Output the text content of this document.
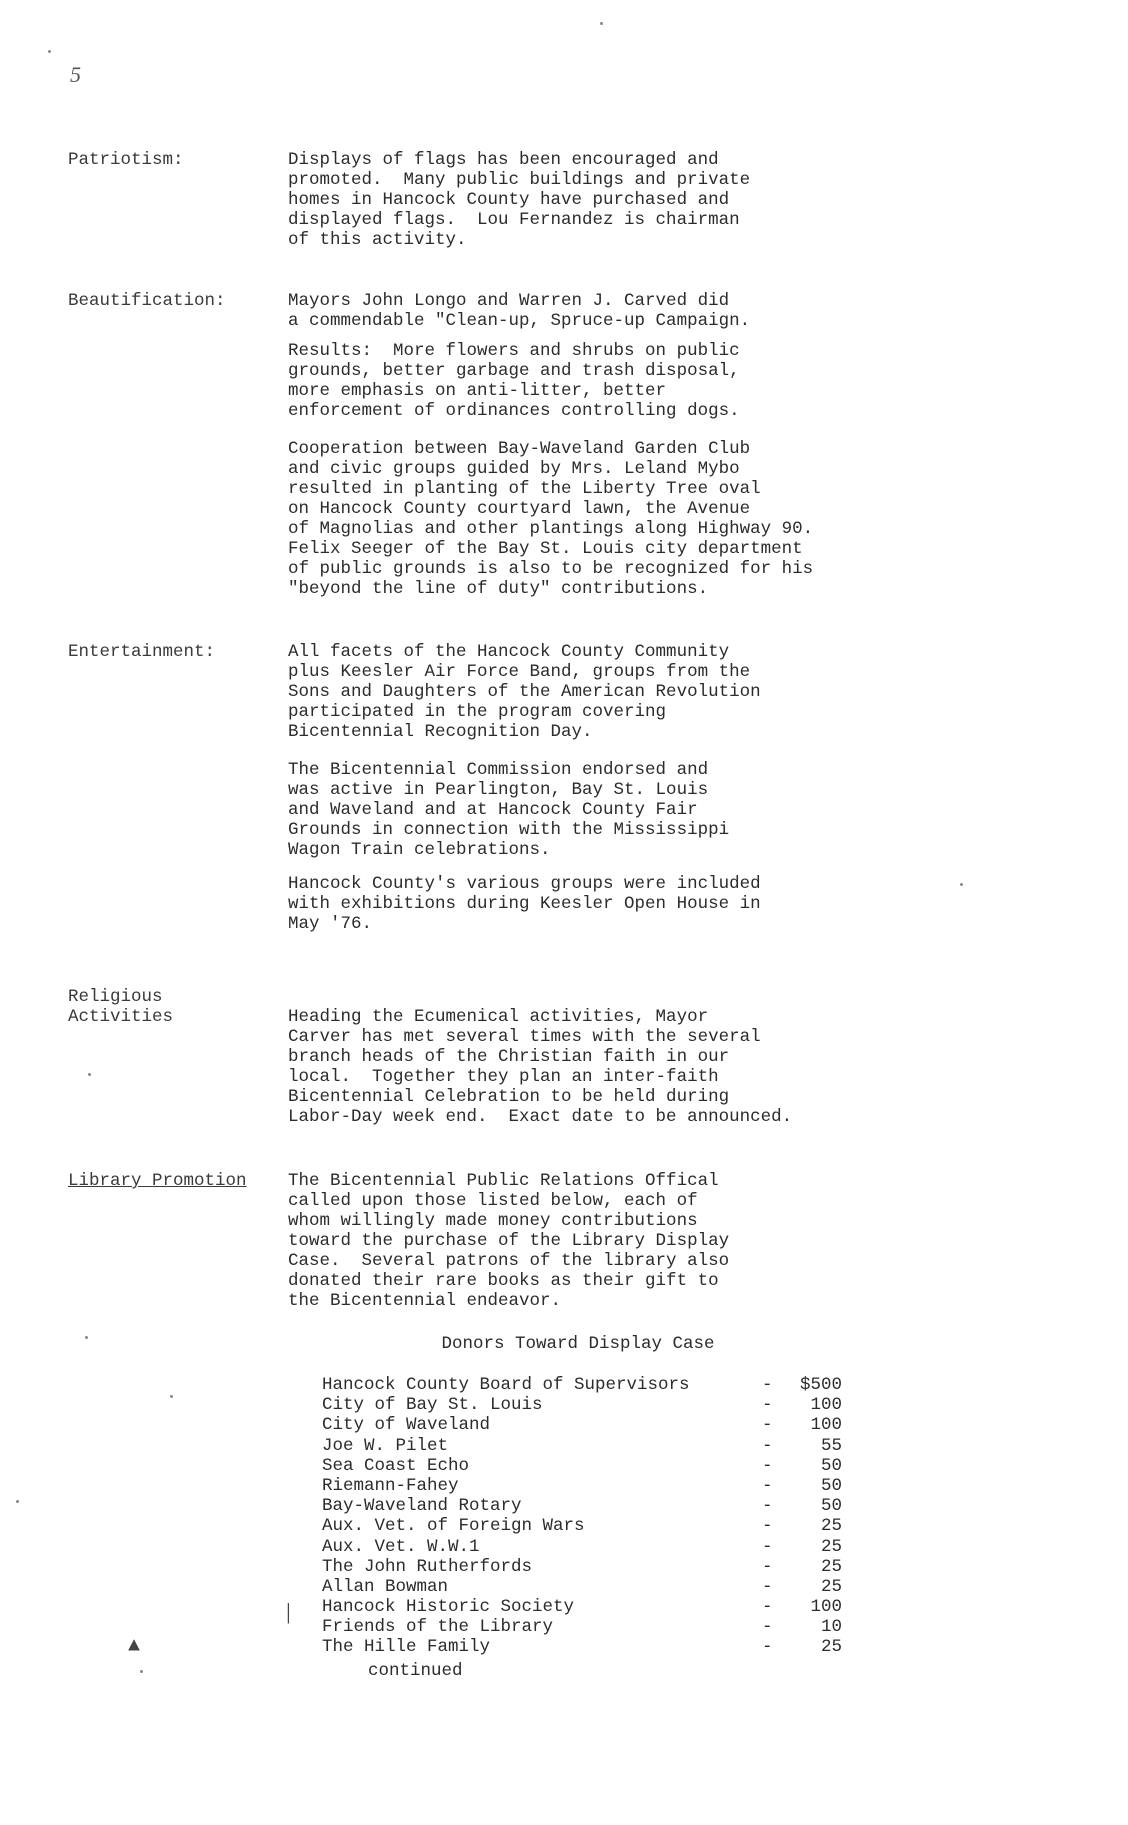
5
Patriotism:	Displays of flags has been encouraged and
promoted.  Many public buildings and private
homes in Hancock County have purchased and
displayed flags.  Lou Fernandez is chairman
of this activity.
Beautification:	Mayors John Longo and Warren J. Carved did
a commendable "Clean-up, Spruce-up Campaign.
Results:  More flowers and shrubs on public
grounds, better garbage and trash disposal,
more emphasis on anti-litter, better
enforcement of ordinances controlling dogs.
Cooperation between Bay-Waveland Garden Club
and civic groups guided by Mrs. Leland Mybo
resulted in planting of the Liberty Tree oval
on Hancock County courtyard lawn, the Avenue
of Magnolias and other plantings along Highway 90.
Felix Seeger of the Bay St. Louis city department
of public grounds is also to be recognized for his
"beyond the line of duty" contributions.
Entertainment:	All facets of the Hancock County Community
plus Keesler Air Force Band, groups from the
Sons and Daughters of the American Revolution
participated in the program covering
Bicentennial Recognition Day.
The Bicentennial Commission endorsed and
was active in Pearlington, Bay St. Louis
and Waveland and at Hancock County Fair
Grounds in connection with the Mississippi
Wagon Train celebrations.
Hancock County's various groups were included
with exhibitions during Keesler Open House in
May '76.
Religious
Activities	Heading the Ecumenical activities, Mayor
Carver has met several times with the several
branch heads of the Christian faith in our
local.  Together they plan an inter-faith
Bicentennial Celebration to be held during
Labor-Day week end.  Exact date to be announced.
Library Promotion	The Bicentennial Public Relations Offical
called upon those listed below, each of
whom willingly made money contributions
toward the purchase of the Library Display
Case.  Several patrons of the library also
donated their rare books as their gift to
the Bicentennial endeavor.
Donors Toward Display Case
Hancock County Board of Supervisors	-	$500
City of Bay St. Louis	-	100
City of Waveland	-	100
Joe W. Pilet	-	55
Sea Coast Echo	-	50
Riemann-Fahey	-	50
Bay-Waveland Rotary	-	50
Aux. Vet. of Foreign Wars	-	25
Aux. Vet. W.W.1	-	25
The John Rutherfords	-	25
Allan Bowman	-	25
Hancock Historic Society	-	100
Friends of the Library	-	10
The Hille Family	-	25
continued
▲
│
